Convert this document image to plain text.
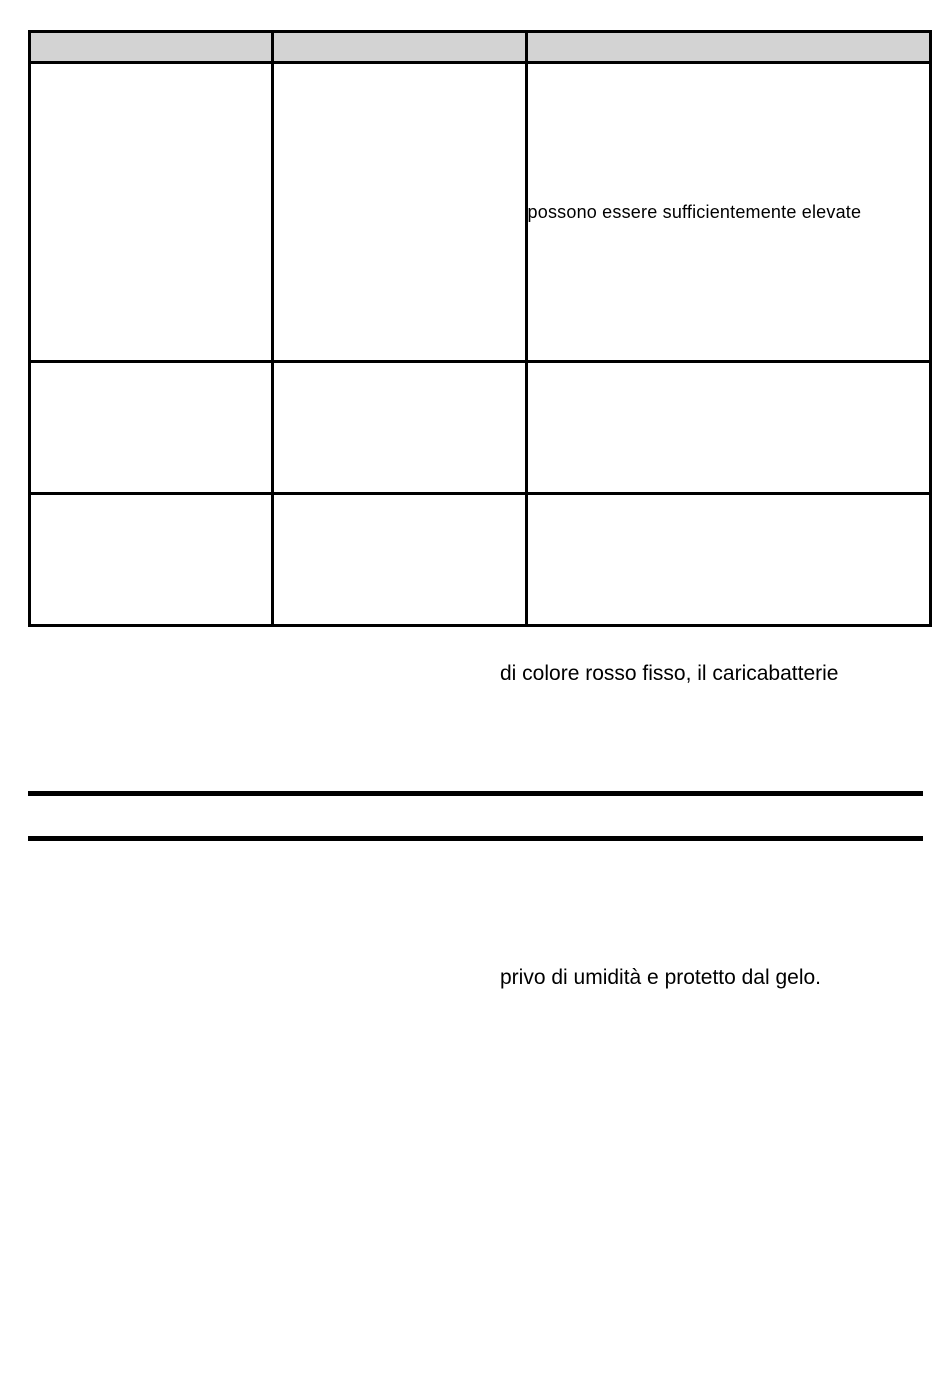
		possono essere sufficientemente elevate

di colore rosso fisso, il caricabatterie
privo di umidità e protetto dal gelo.
